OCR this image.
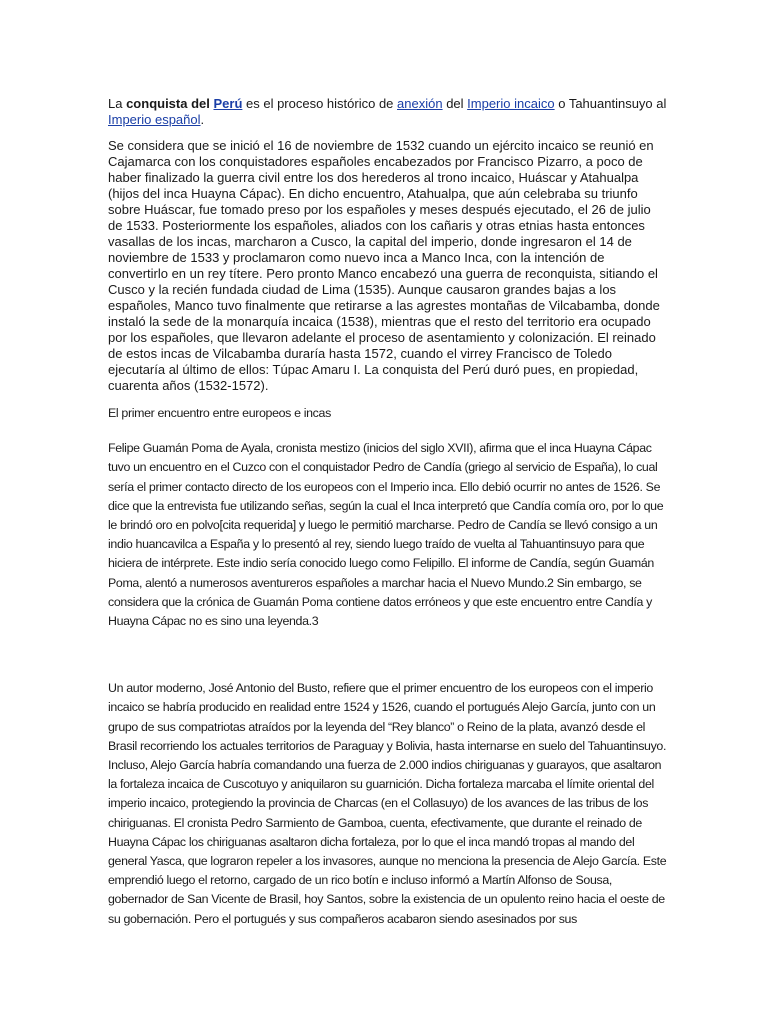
La conquista del Perú es el proceso histórico de anexión del Imperio incaico o Tahuantinsuyo al Imperio español.

Se considera que se inició el 16 de noviembre de 1532 cuando un ejército incaico se reunió en Cajamarca con los conquistadores españoles encabezados por Francisco Pizarro, a poco de haber finalizado la guerra civil entre los dos herederos al trono incaico, Huáscar y Atahualpa (hijos del inca Huayna Cápac). En dicho encuentro, Atahualpa, que aún celebraba su triunfo sobre Huáscar, fue tomado preso por los españoles y meses después ejecutado, el 26 de julio de 1533. Posteriormente los españoles, aliados con los cañaris y otras etnias hasta entonces vasallas de los incas, marcharon a Cusco, la capital del imperio, donde ingresaron el 14 de noviembre de 1533 y proclamaron como nuevo inca a Manco Inca, con la intención de convertirlo en un rey títere. Pero pronto Manco encabezó una guerra de reconquista, sitiando el Cusco y la recién fundada ciudad de Lima (1535). Aunque causaron grandes bajas a los españoles, Manco tuvo finalmente que retirarse a las agrestes montañas de Vilcabamba, donde instaló la sede de la monarquía incaica (1538), mientras que el resto del territorio era ocupado por los españoles, que llevaron adelante el proceso de asentamiento y colonización. El reinado de estos incas de Vilcabamba duraría hasta 1572, cuando el virrey Francisco de Toledo ejecutaría al último de ellos: Túpac Amaru I. La conquista del Perú duró pues, en propiedad, cuarenta años (1532-1572).

El primer encuentro entre europeos e incas

Felipe Guamán Poma de Ayala, cronista mestizo (inicios del siglo XVII), afirma que el inca Huayna Cápac tuvo un encuentro en el Cuzco con el conquistador Pedro de Candía (griego al servicio de España), lo cual sería el primer contacto directo de los europeos con el Imperio inca. Ello debió ocurrir no antes de 1526. Se dice que la entrevista fue utilizando señas, según la cual el Inca interpretó que Candía comía oro, por lo que le brindó oro en polvo[cita requerida] y luego le permitió marcharse. Pedro de Candía se llevó consigo a un indio huancavilca a España y lo presentó al rey, siendo luego traído de vuelta al Tahuantinsuyo para que hiciera de intérprete. Este indio sería conocido luego como Felipillo. El informe de Candía, según Guamán Poma, alentó a numerosos aventureros españoles a marchar hacia el Nuevo Mundo.2 Sin embargo, se considera que la crónica de Guamán Poma contiene datos erróneos y que este encuentro entre Candía y Huayna Cápac no es sino una leyenda.3

Un autor moderno, José Antonio del Busto, refiere que el primer encuentro de los europeos con el imperio incaico se habría producido en realidad entre 1524 y 1526, cuando el portugués Alejo García, junto con un grupo de sus compatriotas atraídos por la leyenda del “Rey blanco” o Reino de la plata, avanzó desde el Brasil recorriendo los actuales territorios de Paraguay y Bolivia, hasta internarse en suelo del Tahuantinsuyo. Incluso, Alejo García habría comandando una fuerza de 2.000 indios chiriguanas y guarayos, que asaltaron la fortaleza incaica de Cuscotuyo y aniquilaron su guarnición. Dicha fortaleza marcaba el límite oriental del imperio incaico, protegiendo la provincia de Charcas (en el Collasuyo) de los avances de las tribus de los chiriguanas. El cronista Pedro Sarmiento de Gamboa, cuenta, efectivamente, que durante el reinado de Huayna Cápac los chiriguanas asaltaron dicha fortaleza, por lo que el inca mandó tropas al mando del general Yasca, que lograron repeler a los invasores, aunque no menciona la presencia de Alejo García. Este emprendió luego el retorno, cargado de un rico botín e incluso informó a Martín Alfonso de Sousa, gobernador de San Vicente de Brasil, hoy Santos, sobre la existencia de un opulento reino hacia el oeste de su gobernación. Pero el portugués y sus compañeros acabaron siendo asesinados por sus
